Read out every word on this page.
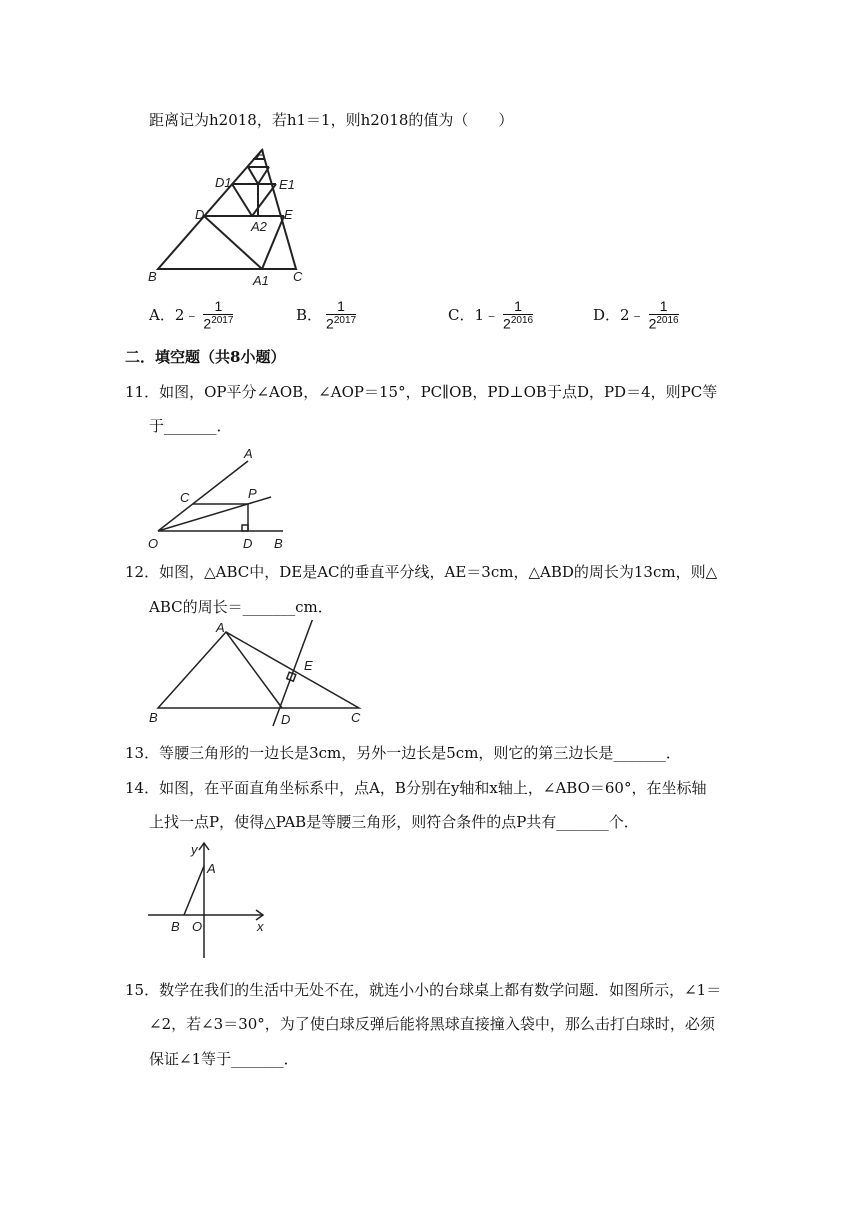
距离记为h2018，若h1＝1，则h2018的值为（　　）
A
D1	E1
D	E
A2
B	A1 C
A． 2﹣ $\frac{1}{2^{2017}}$	B． $\frac{1}{2^{2017}}$	C． 1﹣ $\frac{1}{2^{2016}}$	D． 2﹣ $\frac{1}{2^{2016}}$
二．填空题（共8小题）
11．如图，OP平分∠AOB，∠AOP＝15°，PC∥OB，PD⊥OB于点D，PD＝4，则PC等
于_______．
A
C	P
O	D B
12．如图，△ABC中，DE是AC的垂直平分线，AE＝3cm，△ABD的周长为13cm，则△
ABC的周长＝_______cm．
A
E
B	D	C
13．等腰三角形的一边长是3cm，另外一边长是5cm，则它的第三边长是_______．
14．如图，在平面直角坐标系中，点A，B分别在y轴和x轴上，∠ABO＝60°，在坐标轴
上找一点P，使得△PAB是等腰三角形，则符合条件的点P共有_______个．
y
A
B O	x
15．数学在我们的生活中无处不在，就连小小的台球桌上都有数学问题．如图所示，∠1＝
∠2，若∠3＝30°，为了使白球反弹后能将黑球直接撞入袋中，那么击打白球时，必须
保证∠1等于_______．
